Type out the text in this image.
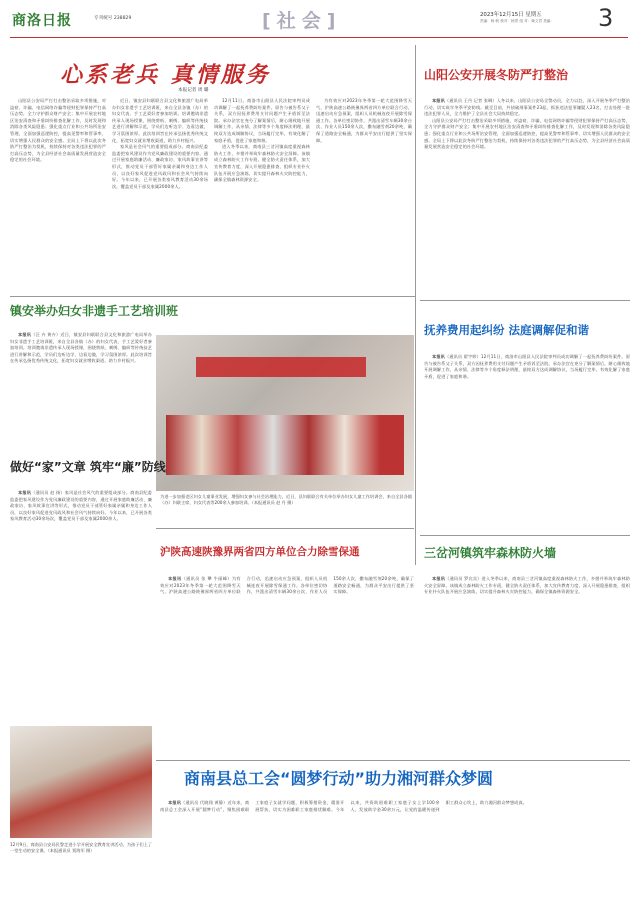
商洛日报	专刊统号 238829	[社会]	2023年12月15日 星期五
责编：杨 帆 校对：杨景 组 对：柴文君 美编： 3
心系老兵 真情服务
本报记者 周 璐

山阳县公安局严打打击整治采取多项措施，对盗窃、诈骗、电信网络诈骗等侵财犯罪保持严打高压态势，全力守护群众财产安全；集中开展农村地区治安清查和矛盾纠纷排查化解工作，及时发现和消除各类风险隐患；强化重点行业和公共场所治安管理，全面加强巡逻防控，提高见警率和管事率，切实增强人民群众的安全感。全局上下将以此次冬防严打整治为契机，持续保持对各类违法犯罪的严打高压态势，为全县经济社会高质量发展营造安全稳定的社会环境。

近日，镇安县妇联联合县文化和旅游广电局举办妇女非遗手工艺培训班，来自全县各镇（办）的妇女代表、手工艺爱好者参加培训。培训邀请非遗传承人现场授课，围绕剪纸、刺绣、编织等传统技艺进行讲解和示范，学员们边听边学、边看边做，学习氛围浓厚。此次培训旨在传承弘扬优秀传统文化，拓宽妇女就业增收渠道，助力乡村振兴。

家风是社会风气的重要组成部分。商南县纪委监委把家风建设作为党风廉政建设的重要内容，通过开展家庭助廉活动、廉政家访、家风故事宣讲等形式，推动党员干部管好家属亲属和身边工作人员，以良好家风促进党风政风和社会风气持续向好。今年以来，已开展各类家风教育活动30余场次，覆盖党员干部及家属2000余人。

12月11日，商洛市山阳县人民法院审判员成功调解了一起抚养费纠纷案件。原告与被告系父子关系，双方因抚养费用支付问题产生矛盾诉至法院。承办法官在充分了解案情后，耐心细致地开展调解工作，从亲情、法律等多个角度释法明理，最终双方达成调解协议，当场履行完毕，有效化解了家庭矛盾，促进了家庭和谐。

进入冬季以来，商南县三岔河镇高度重视森林防火工作，多措并举筑牢森林防火安全屏障。该镇成立森林防火工作专班，健全防火责任体系，加大宣传教育力度，深入开展隐患排查，组织专业扑火队伍开展应急演练，切实提升森林火灾防控能力，确保全镇森林资源安全。

为有效应对2023年冬季第一轮大范围降雪天气，沪陕高速公路陕豫界两省四方单位联合行动，迅速启动应急预案，组织人员机械连夜开展除雪保通工作。各单位密切协作，共派出清雪车辆30余台次、作业人员150余人次，撒布融雪剂20余吨，确保了道路安全畅通，为群众平安出行提供了坚实保障。

山阳公安开展冬防严打整治

本报讯（通讯员 王丹 记者 张琳）入冬以来，山阳县公安局全警动员，全力以赴，深入开展冬季严打整治行动，切实筑牢冬季平安防线。截至目前，共侦破刑事案件23起，抓获违法犯罪嫌疑人23名，打击处理一批违法犯罪人员，全力维护了全县社会大局持续稳定。

山阳县公安局严打打击整治采取多项措施，对盗窃、诈骗、电信网络诈骗等侵财犯罪保持严打高压态势，全力守护群众财产安全；集中开展农村地区治安清查和矛盾纠纷排查化解工作，及时发现和消除各类风险隐患；强化重点行业和公共场所治安管理，全面加强巡逻防控，提高见警率和管事率，切实增强人民群众的安全感。全局上下将以此次冬防严打整治为契机，持续保持对各类违法犯罪的严打高压态势，为全县经济社会高质量发展营造安全稳定的社会环境。

镇安举办妇女非遗手工艺培训班

本报讯（汪 卉 黄卉）近日，镇安县妇联联合县文化和旅游广电局举办妇女非遗手工艺培训班，来自全县各镇（办）的妇女代表、手工艺爱好者参加培训。培训邀请非遗传承人现场授课，围绕剪纸、刺绣、编织等传统技艺进行讲解和示范，学员们边听边学、边看边做，学习氛围浓厚。此次培训旨在传承弘扬优秀传统文化，拓宽妇女就业增收渠道，助力乡村振兴。

为进一步加强老区妇女儿童事业发展，增强妇女参与社会治理能力，近日，县妇联联合有关单位举办妇女儿童工作培训会，来自全县各镇（办）妇联主席、妇女代表等200余人参加培训。（本报通讯员 赵 丹 摄）
抚养费用起纠纷 法庭调解促和谐

本报讯（通讯员 翟宇婷）12月11日，商洛市山阳县人民法院审判员成功调解了一起抚养费纠纷案件。原告与被告系父子关系，双方因抚养费用支付问题产生矛盾诉至法院。承办法官在充分了解案情后，耐心细致地开展调解工作，从亲情、法律等多个角度释法明理，最终双方达成调解协议，当场履行完毕，有效化解了家庭矛盾，促进了家庭和谐。

做好“家”文章 筑牢“廉”防线

本报讯（通讯员 赵 扬）家风是社会风气的重要组成部分。商南县纪委监委把家风建设作为党风廉政建设的重要内容，通过开展家庭助廉活动、廉政家访、家风故事宣讲等形式，推动党员干部管好家属亲属和身边工作人员，以良好家风促进党风政风和社会风气持续向好。今年以来，已开展各类家风教育活动30余场次，覆盖党员干部及家属2000余人。

沪陕高速陕豫界两省四方单位合力除雪保通

本报讯（通讯员 张 犟 牛丽峰）为有效应对2023年冬季第一轮大范围降雪天气，沪陕高速公路陕豫界两省四方单位联合行动，迅速启动应急预案，组织人员机械连夜开展除雪保通工作。各单位密切协作，共派出清雪车辆30余台次、作业人员150余人次，撒布融雪剂20余吨，确保了道路安全畅通，为群众平安出行提供了坚实保障。

三岔河镇筑牢森林防火墙

本报讯（通讯员 罗宾宾）进入冬季以来，商南县三岔河镇高度重视森林防火工作，多措并举筑牢森林防火安全屏障。该镇成立森林防火工作专班，健全防火责任体系，加大宣传教育力度，深入开展隐患排查，组织专业扑火队伍开展应急演练，切实提升森林火灾防控能力，确保全镇森林资源安全。

12月9日，商南县公安局民警走进小学开展安全教育宣讲活动，为孩子们上了一堂生动的安全课。（本报通讯员 贾海军 摄）
商南县总工会“圆梦行动”助力湘河群众梦圆

本报讯（通讯员 代晓翔 黄静）近年来，商南县总工会深入开展“圆梦行动”，聚焦困难职工家庭子女就学问题，积极筹措资金，精准开展帮扶，切实为困难职工家庭排忧解难。今年以来，共资助困难职工家庭子女上学100余人，发放助学金30余万元，让党的温暖传递到职工群众心坎上，助力湘河群众梦想成真。
